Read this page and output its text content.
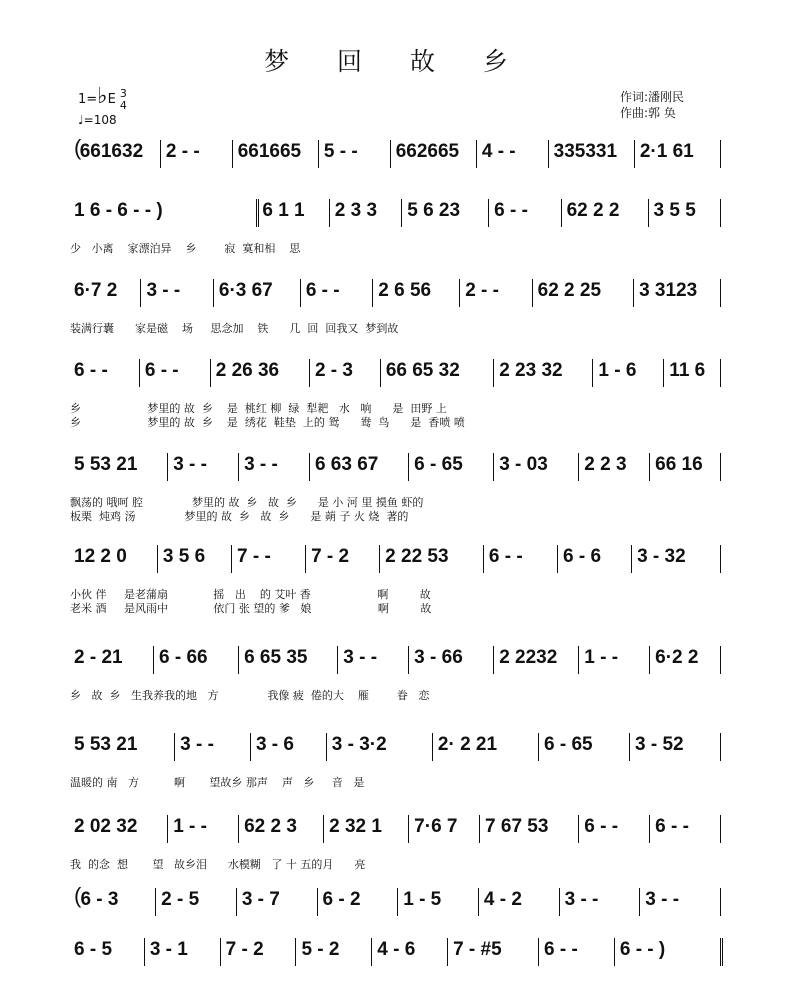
梦 回 故 乡
1=♭E 3
4
♩=108
作词:潘刚民
作曲:郭 奂
(
661632 2 - - 661665 5 - - 662665 4 - - 335331 2·1 61
1 6 - 6 - - )	6 1 1 2 3 3 5 6 23 6 - - 62 2 2 3 5 5
少   小离    家漂泊异    乡        寂  寞和相    思
6·7 2 3 - - 6·3 67 6 - - 2 6 56 2 - - 62 2 25 3 3123
装满行囊      家是磁    场     思念加    铁      几  回  回我又  梦到故
6 - - 6 - - 2 26 36 2 - 3 66 65 32 2 23 32 1 - 6 11 6
乡                   梦里的 故  乡    是  桃红 柳  绿  犁耙   水   响      是  田野 上
乡                   梦里的 故  乡    是  绣花  鞋垫  上的 鸳      鸯  鸟      是  香喷 喷
5 53 21 3 - - 3 - - 6 63 67 6 - 65 3 - 03 2 2 3 66 16
飘荡的 哦呵 腔              梦里的 故  乡   故  乡      是 小 河 里 摸鱼 虾的
板栗  炖鸡 汤              梦里的 故  乡   故  乡      是 蒴 子 火 烧  著的
12 2 0 3 5 6 7 - - 7 - 2 2 22 53 6 - - 6 - 6 3 - 32
小伙 伴     是老蒲扇             摇   出    的 艾叶 香                   啊         故
老米 酒     是风雨中             依门 张 望的 爹   娘                   啊         故
2 - 21 6 - 66 6 65 35 3 - - 3 - 66 2 2232 1 - - 6·2 2
乡   故  乡   生我养我的地   方              我像 疲  倦的大    雁        眷   恋
5 53 21 3 - - 3 - 6 3 - 3·2	2· 2 21 6 - 65 3 - 52
温暖的 南   方          啊       望故乡 那声    声   乡     音   是
2 02 32 1 - - 62 2 3 2 32 1 7·6 7 7 67 53 6 - - 6 - -
我  的念  想       望   故乡泪      水模糊   了 十 五的月      亮
( 6 - 3 2 - 5 3 - 7 6 - 2 1 - 5 4 - 2 3 - - 3 - -
6 - 5 3 - 1 7 - 2 5 - 2 4 - 6 7 - #5 6 - - 6 - - )
